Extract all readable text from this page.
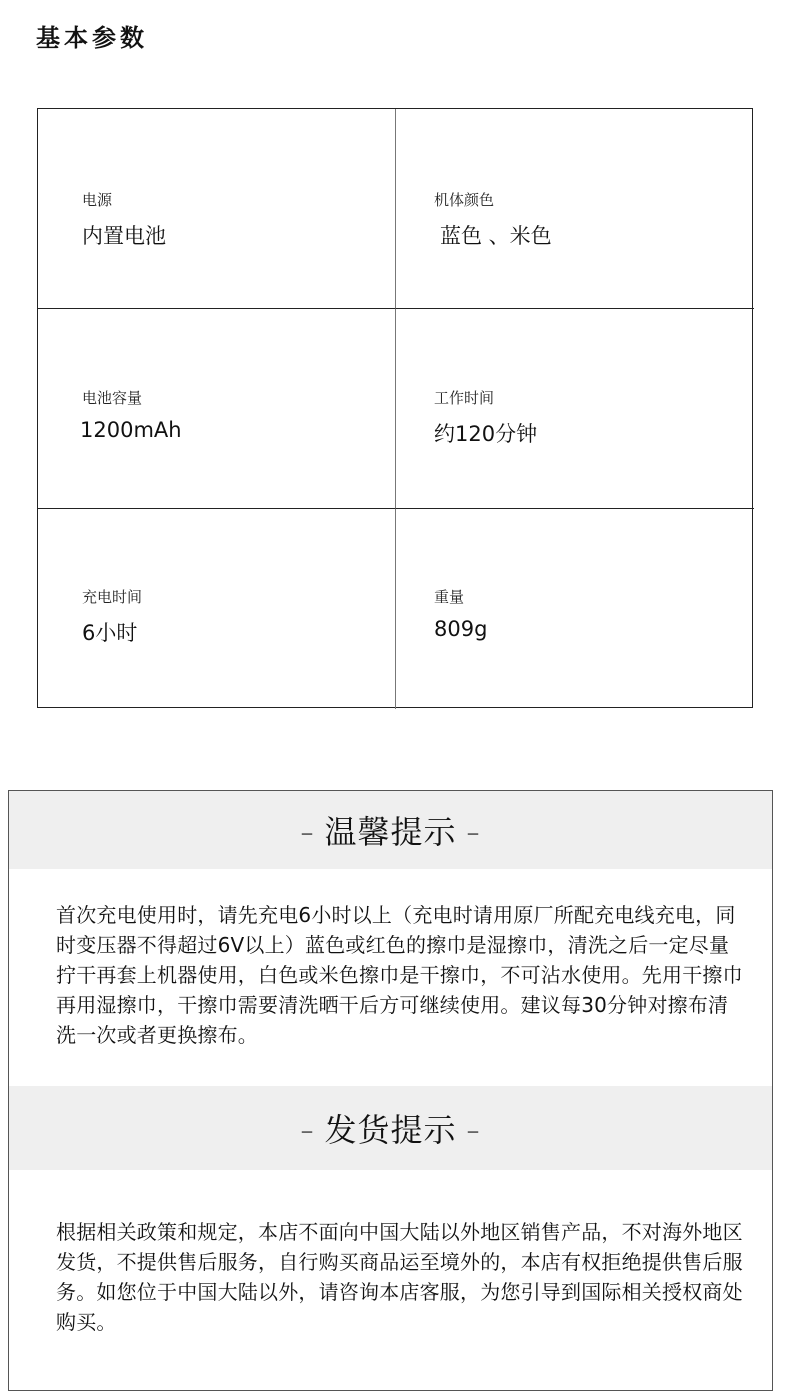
基本参数
电源
内置电池
机体颜色
蓝色 、米色
电池容量
1200mAh
工作时间
约120分钟
充电时间
6小时
重量
809g
– 温馨提示 –
首次充电使用时，请先充电6小时以上（充电时请用原厂所配充电线充电，同时变压器不得超过6V以上）蓝色或红色的擦巾是湿擦巾，清洗之后一定尽量拧干再套上机器使用，白色或米色擦巾是干擦巾，不可沾水使用。先用干擦巾再用湿擦巾，干擦巾需要清洗晒干后方可继续使用。建议每30分钟对擦布清洗一次或者更换擦布。
– 发货提示 –
根据相关政策和规定，本店不面向中国大陆以外地区销售产品，不对海外地区发货，不提供售后服务，自行购买商品运至境外的，本店有权拒绝提供售后服务。如您位于中国大陆以外，请咨询本店客服，为您引导到国际相关授权商处购买。
